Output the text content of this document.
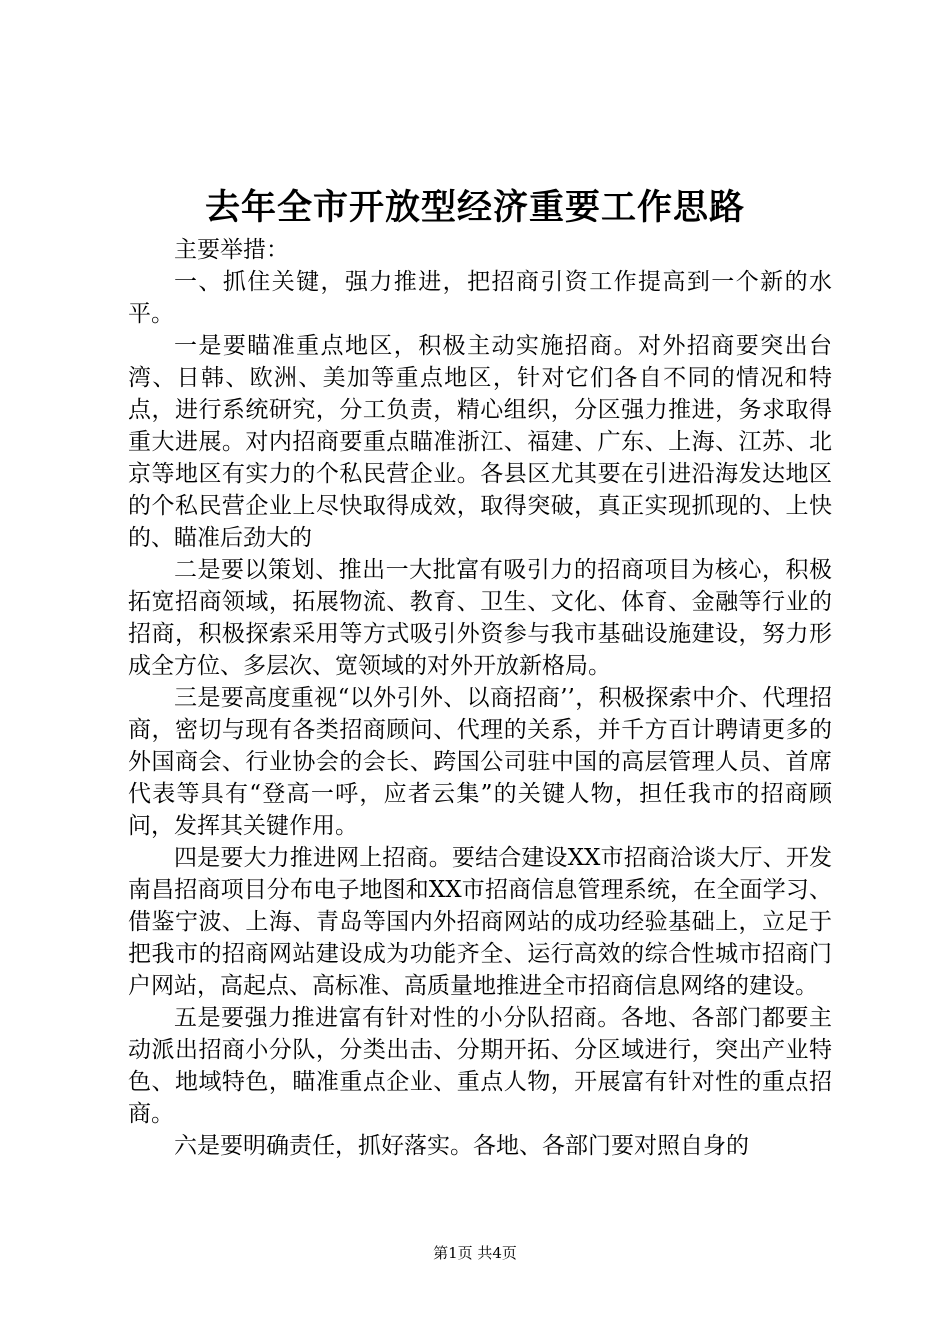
去年全市开放型经济重要工作思路

主要举措：

一、抓住关键，强力推进，把招商引资工作提高到一个新的水平。

一是要瞄准重点地区，积极主动实施招商。对外招商要突出台湾、日韩、欧洲、美加等重点地区，针对它们各自不同的情况和特点，进行系统研究，分工负责，精心组织，分区强力推进，务求取得重大进展。对内招商要重点瞄准浙江、福建、广东、上海、江苏、北京等地区有实力的个私民营企业。各县区尤其要在引进沿海发达地区的个私民营企业上尽快取得成效，取得突破，真正实现抓现的、上快的、瞄准后劲大的

二是要以策划、推出一大批富有吸引力的招商项目为核心，积极拓宽招商领域，拓展物流、教育、卫生、文化、体育、金融等行业的招商，积极探索采用等方式吸引外资参与我市基础设施建设，努力形成全方位、多层次、宽领域的对外开放新格局。

三是要高度重视“以外引外、以商招商’’，积极探索中介、代理招商，密切与现有各类招商顾问、代理的关系，并千方百计聘请更多的外国商会、行业协会的会长、跨国公司驻中国的高层管理人员、首席代表等具有“登高一呼，应者云集”的关键人物，担任我市的招商顾问，发挥其关键作用。

四是要大力推进网上招商。要结合建设XX市招商洽谈大厅、开发南昌招商项目分布电子地图和XX市招商信息管理系统，在全面学习、借鉴宁波、上海、青岛等国内外招商网站的成功经验基础上，立足于把我市的招商网站建设成为功能齐全、运行高效的综合性城市招商门户网站，高起点、高标准、高质量地推进全市招商信息网络的建设。

五是要强力推进富有针对性的小分队招商。各地、各部门都要主动派出招商小分队，分类出击、分期开拓、分区域进行，突出产业特色、地域特色，瞄准重点企业、重点人物，开展富有针对性的重点招商。

六是要明确责任，抓好落实。各地、各部门要对照自身的

第1页 共4页
